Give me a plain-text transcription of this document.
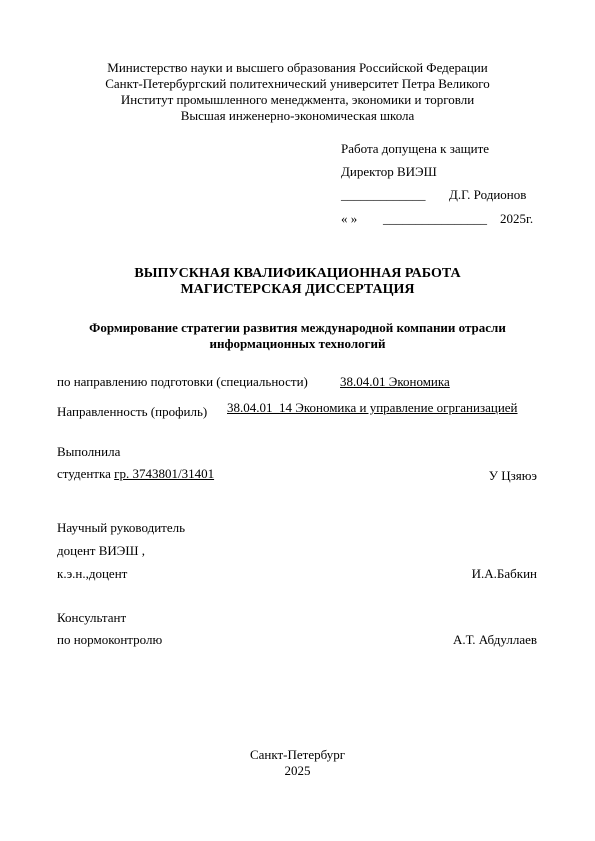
Министерство науки и высшего образования Российской Федерации
Санкт-Петербургский политехнический университет Петра Великого
Институт промышленного менеджмента, экономики и торговли
Высшая инженерно-экономическая школа
Работа допущена к защите
Директор ВИЭШ
_____________ Д.Г. Родионов
« » ________________ 2025г.
ВЫПУСКНАЯ КВАЛИФИКАЦИОННАЯ РАБОТА
МАГИСТЕРСКАЯ ДИССЕРТАЦИЯ
Формирование стратегии развития международной компании отрасли
информационных технологий
по направлению подготовки (специальности) 38.04.01 Экономика
Направленность (профиль) 38.04.01_14 Экономика и управление огрганизацией
Выполнила
студентка гр. 3743801/31401	У Цзяюэ
Научный руководитель
доцент ВИЭШ ,
к.э.н.,доцент	И.А.Бабкин
Консультант
по нормоконтролю	А.Т. Абдуллаев
Санкт-Петербург
2025
